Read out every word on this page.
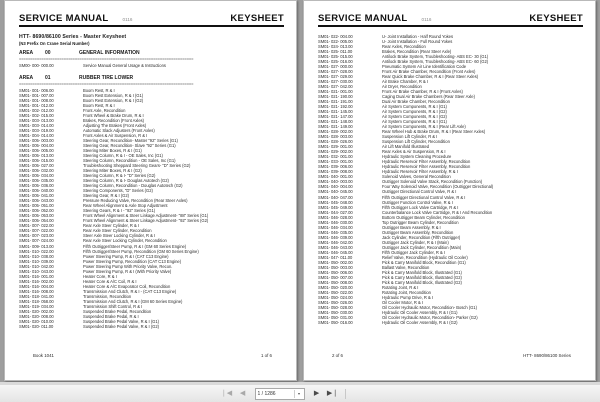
SERVICE MANUAL	0116	KEYSHEET
HTT- 8690/86100 Series - Master Keysheet
(N3 Prefix On Crane Serial Number)
AREA	00	GENERAL INFORMATION
==============================================================================
SM00- 000- 000.00	Service Manual General Usage & Instructions
AREA	01	RUBBER TIRE LOWER
==============================================================================
SM01- 001- 006.00	Boom Rest, R & I
SM01- 001- 007.00	Boom Rest Extension, R & I (G1)
SM01- 001- 008.00	Boom Rest Extension, R & I (G2)
SM01- 001- 012.00	Boom Rest, R & I
SM01- 002- 012.00	Front Axle, Recondition
SM01- 002- 015.00	Front Wheel & Brake Drum, R & I
SM01- 003- 013.00	Brakes, Recondition (Front Axles)
SM01- 003- 014.00	Adjusting The Brakes (Front Axles)
SM01- 003- 019.00	Automatic Slack Adjusters (Front Axles)
SM01- 004- 014.00	Front Axles & Air Suspension, R & I
SM01- 005- 003.00	Steering Gear, Recondition- Master "92" Series (G1)
SM01- 005- 004.00	Steering Gear, Recondition- Slave "92" Series (G1)
SM01- 005- 005.00	Steering Miter Boxes, R & I (G1)
SM01- 005- 013.00	Steering Column, R & I - OE Sales, Inc (G1)
SM01- 005- 015.00	Steering Column, Recondition - OE Sales, Inc (G1)
SM01- 005- 027.00	Troubleshooting Sheppard Steering Gears- "D" Series (G2)
SM01- 005- 032.00	Steering Miter Boxes, R & I (G2)
SM01- 005- 034.00	Steering Column, R & I- "D" Series (G2)
SM01- 005- 035.00	Steering Column, R & I- Douglas Autotech (G2)
SM01- 005- 036.00	Steering Column, Recondition - Douglas Autotech (G2)
SM01- 005- 040.00	Steering Components, "D" Series (G2)
SM01- 005- 041.00	Steering Gear, R & I (G2)
SM01- 005- 043.00	Pressure Reducing Valve, Recondition (Rear Steer Axles)
SM01- 005- 051.00	Rear Wheel Alignment & Axle Stop Adjustment
SM01- 005- 052.00	Steering Gears, R & I - "92" Series (G1)
SM01- 005- 053.00	Front Wheel Alignment & Steer Linkage Adjustment- "88" Series (G1)
SM01- 005- 054.00	Front Wheel Alignment & Steer Linkage Adjustment- "92" Series (G2)
SM01- 007- 022.00	Rear Axle Steer Cylinder, R & I
SM01- 007- 022.00	Rear Axle Steer Cylinder, Recondition
SM01- 007- 023.00	Steer Axle Steer Locking Cylinder, R & I
SM01- 007- 024.00	Rear Axle Steer Locking Cylinder, Recondition
SM01- 009- 013.00	Fifth Outrigger/Steer Pump, R & I (GM 60 Series Engine)
SM01- 010- 022.00	Fifth Outrigger/Steer Pump, Recondition (GM 60 Series Engine)
SM01- 010- 038.00	Power Steering Pump, R & I (CAT C13 Engine)
SM01- 010- 039.00	Power Steering Pump, Recondition (CAT C13 Engine)
SM01- 010- 042.00	Power Steering Pump With Priority Valve, Recon.
SM01- 010- 043.00	Power Steering Pump, R & I (With Priority Valve)
SM01- 016- 001.00	Heater Core, R & I
SM01- 016- 002.00	Heater Core & A/C Coil, R & I
SM01- 016- 004.00	Heater Core & A/C Evaporator Coil, Recondition
SM01- 016- 008.00	Transmission And Clutch, R & I - (CAT C13 Engine)
SM01- 018- 041.00	Transmission, Recondition
SM01- 018- 058.00	Transmission And Clutch, R & I (GM 60 Series Engine)
SM01- 019- 034.00	Transmission Shift Control, R & I
SM01- 020- 002.00	Suspended Brake Pedal, Recondition
SM01- 020- 008.00	Suspended Brake Pedal, R & I
SM01- 020- 010.00	Suspended Brake Pedal Valve, R & I (G1)
SM01- 020- 011.00	Suspended Brake Pedal Valve, R & I (G2)
Book 1041	1 of 6
SERVICE MANUAL	0116	KEYSHEET
SM01- 022- 004.00	U- Joint Installation - Half Round Yokes
SM01- 022- 005.00	U- Joint Installation - Full Round Yokes
SM01- 024- 013.00	Rear Axles, Recondition
SM01- 025- 011.00	Brakes, Recondition (Rear Steer Axle)
SM01- 025- 015.00	Antilock Brake System, Troubleshooting- ABS EC- 30 (G1)
SM01- 025- 016.00	Antilock Brake System, Troubleshooting- ABS EC- 60 (G2)
SM01- 027- 000.00	Pneumatic System Air Line Identification Code
SM01- 027- 028.00	Front Air Brake Chamber, Recondition (Front Axles)
SM01- 027- 029.00	Rear Quick Brake Chamber, R & I (Rear Steer Axles)
SM01- 027- 030.00	Air Brake Chamber, R & I
SM01- 027- 042.00	Air Dryer, Recondition
SM01- 021- 001.00	Front Air Brake Chamber, R & I (Front Axles)
SM01- 021- 190.00	Caging Dual Air Brake Chambers (Rear Steer Axle)
SM01- 021- 191.00	Dual Air Brake Chamber, Recondition
SM01- 021- 192.00	Air System Components, R & I (G1)
SM01- 021- 145.00	Air System Components, R & I (G2)
SM01- 021- 147.00	Air System Components, R & I (G2)
SM01- 021- 148.00	Air System Components, R & I (G1)
SM01- 021- 149.00	Air System Components, R & I (Rear Lift Axle)
SM01- 028- 002.00	Rear Wheel Hub & Brake Drum, R & I (Rear Steer Axles)
SM01- 028- 003.00	Suspension Lift Cylinder, R & I
SM01- 028- 026.00	Suspension Lift Cylinder, Recondition
SM01- 029- 001.00	Air Lift Manifold Illustrated
SM01- 029- 002.00	Rear Axles & Air Suspension, R & I
SM01- 032- 001.00	Hydraulic System Cleaning Procedure
SM01- 033- 001.00	Hydraulic Reservoir Filter Assembly, Recondition
SM01- 039- 006.00	Hydraulic Reservoir Filter Assembly, Recondition
SM01- 039- 008.00	Hydraulic Reservoir Filter Assembly, R & I
SM01- 040- 001.00	Solenoid Valves, General Recondition
SM01- 040- 003.00	Outrigger Solenoid Valve Stack, Recondition (Function)
SM01- 040- 004.00	Four Way Solenoid Valve, Recondition (Outrigger Directional)
SM01- 040- 045.00	Outrigger Directional Control Valve, R & I
SM01- 040- 047.00	Fifth Outrigger Directional Control Valve, R & I
SM01- 045- 048.00	Outrigger Function Control Valve, R & I
SM01- 045- 049.00	Fifth Outrigger Lock Valve Cartridge, R & I
SM01- 044- 027.00	Counterbalance Lock Valve Cartridge, R & I And Recondition
SM01- 046- 028.00	Bottom Outrigger Beam Cylinder, Recondition
SM01- 046- 030.00	Top Outrigger Beam Cylinder, Recondition
SM01- 046- 034.00	Outrigger Beam Assembly, R & I
SM01- 046- 035.00	Outrigger Beam Assembly, Recondition
SM01- 046- 039.00	Jack Cylinder, Recondition (Fifth Outrigger)
SM01- 046- 042.00	Outrigger Jack Cylinder, R & I (Main)
SM01- 046- 043.00	Outrigger Jack Cylinder, Recondition (Main)
SM01- 046- 045.00	Fifth Outrigger Jack Cylinder, R & I
SM01- 047- 011.00	Relief Valve, Recondition (Hydraulic Oil Cooler)
SM01- 050- 002.00	Pick & Carry Manifold Block, Recondition (G1)
SM01- 050- 003.00	Ballast Valve, Recondition
SM01- 050- 006.00	Pick & Carry Manifold Block, Illustrated (G1)
SM01- 050- 007.00	Pick & Carry Manifold Block, Illustrated (G2)
SM01- 050- 008.00	Pick & Carry Manifold Block, Illustrated (G2)
SM01- 050- 020.00	Rotating Joint, R & I
SM01- 050- 022.00	Rotating Joint, Recondition
SM01- 050- 024.00	Hydraulic Pump Drive, R & I
SM01- 050- 026.00	Oil Cooler Motor, R & I
SM01- 050- 028.00	Oil Cooler Hydraulic Motor, Recondition- Bosch (G1)
SM01- 050- 030.00	Hydraulic Oil Cooler Assembly, R & I (G1)
SM01- 050- 031.00	Oil Cooler Hydraulic Motor, Recondition- Parker (G2)
SM01- 050- 016.00	Hydraulic Oil Cooler Assembly, R & I (G2)
2 of 6	HTT- 8690/86100 Series
❘◀	◀	1 / 1286	▾	▶	▶❘
